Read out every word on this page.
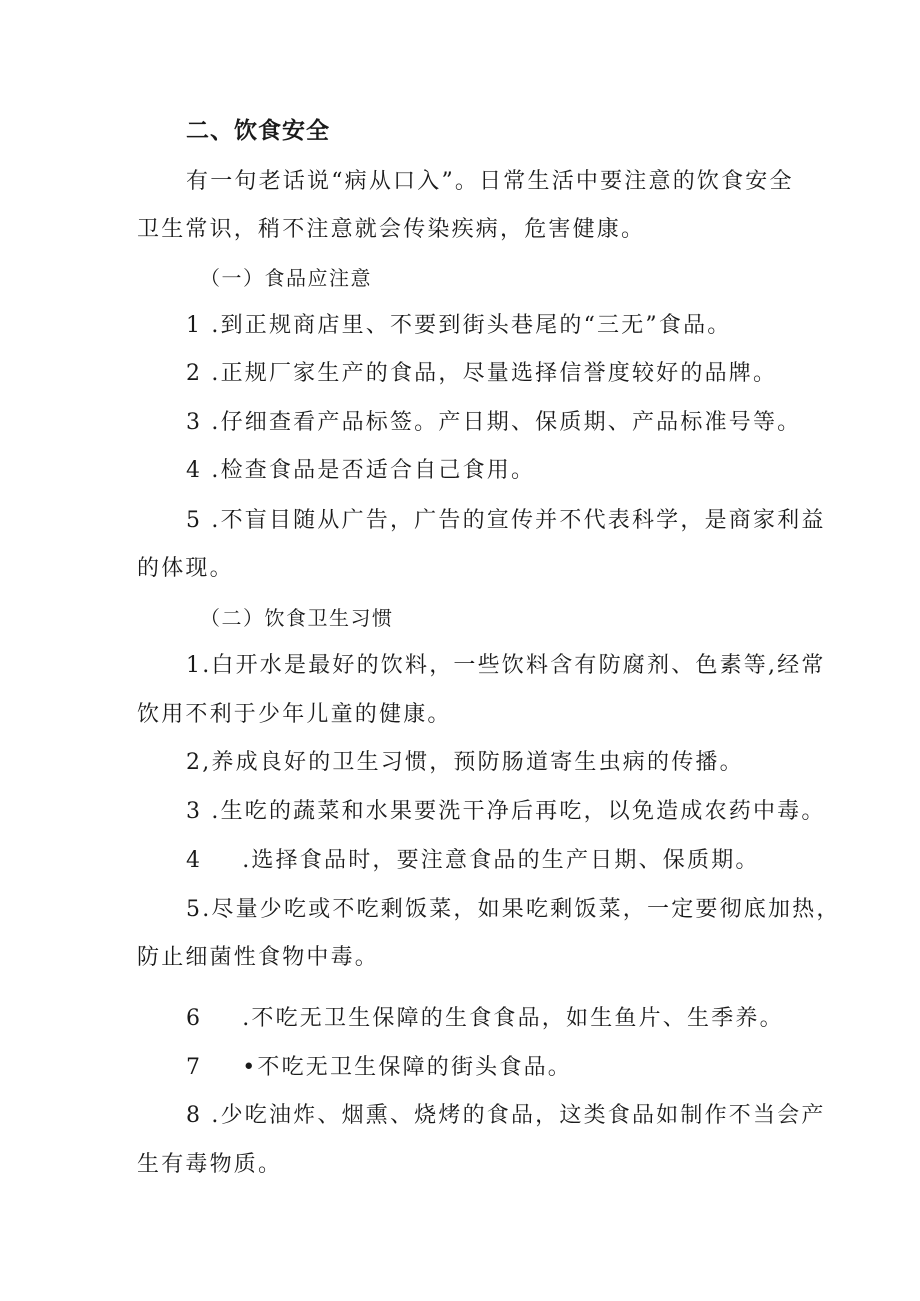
二、饮食安全
有一句老话说“病从口入”。日常生活中要注意的饮食安全
卫生常识，稍不注意就会传染疾病，危害健康。
（一）食品应注意
1 .到正规商店里、不要到街头巷尾的“三无”食品。
2 .正规厂家生产的食品，尽量选择信誉度较好的品牌。
3 .仔细查看产品标签。产日期、保质期、产品标准号等。
4 .检查食品是否适合自己食用。
5 .不盲目随从广告，广告的宣传并不代表科学，是商家利益
的体现。
（二）饮食卫生习惯
1.白开水是最好的饮料，一些饮料含有防腐剂、色素等,经常
饮用不利于少年儿童的健康。
2,养成良好的卫生习惯，预防肠道寄生虫病的传播。
3 .生吃的蔬菜和水果要洗干净后再吃，以免造成农药中毒。
4 .选择食品时，要注意食品的生产日期、保质期。
5.尽量少吃或不吃剩饭菜，如果吃剩饭菜，一定要彻底加热，
防止细菌性食物中毒。
6 .不吃无卫生保障的生食食品，如生鱼片、生季养。
7 •不吃无卫生保障的街头食品。
8 .少吃油炸、烟熏、烧烤的食品，这类食品如制作不当会产
生有毒物质。
